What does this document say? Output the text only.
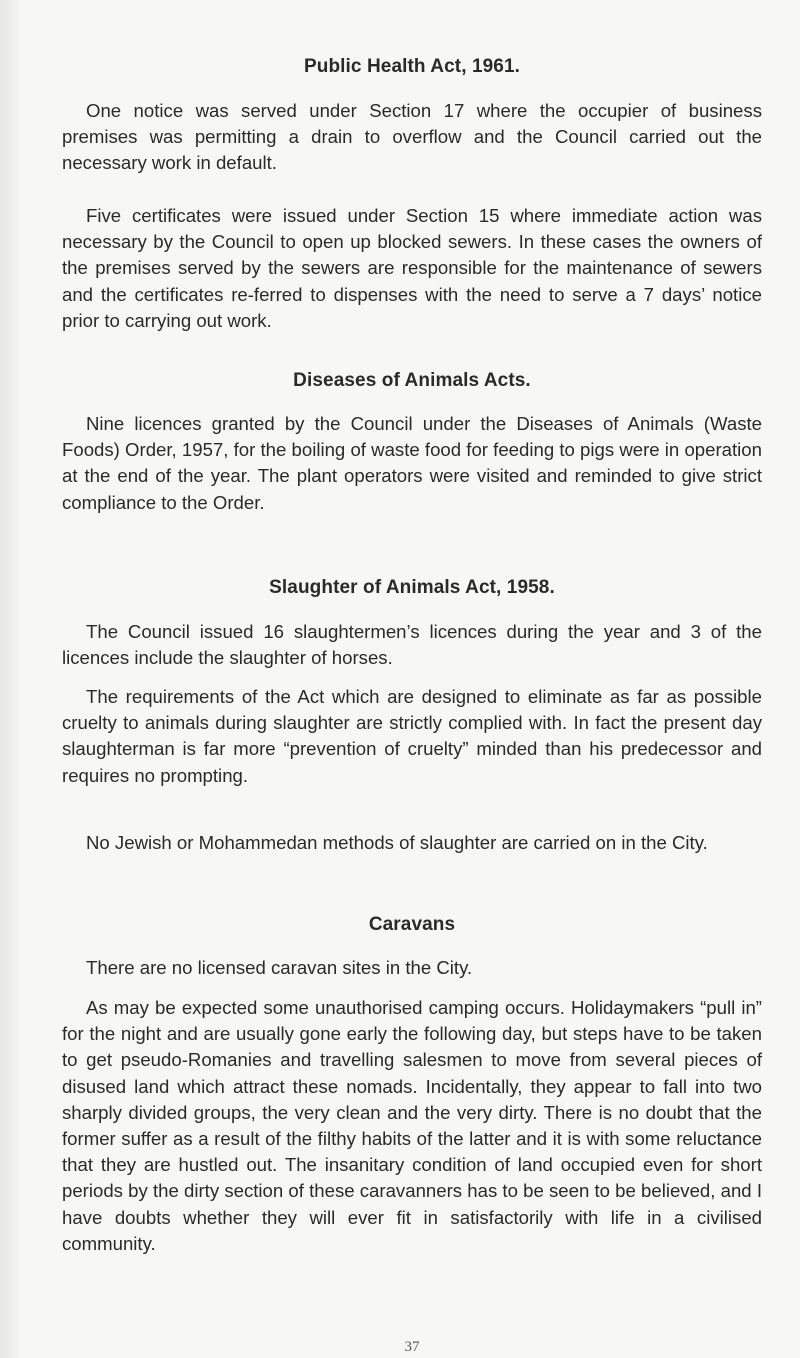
Public Health Act, 1961.

One notice was served under Section 17 where the occupier of business premises was permitting a drain to overflow and the Council carried out the necessary work in default.

Five certificates were issued under Section 15 where immediate action was necessary by the Council to open up blocked sewers. In these cases the owners of the premises served by the sewers are responsible for the maintenance of sewers and the certificates re-ferred to dispenses with the need to serve a 7 days’ notice prior to carrying out work.

Diseases of Animals Acts.

Nine licences granted by the Council under the Diseases of Animals (Waste Foods) Order, 1957, for the boiling of waste food for feeding to pigs were in operation at the end of the year. The plant operators were visited and reminded to give strict compliance to the Order.

Slaughter of Animals Act, 1958.

The Council issued 16 slaughtermen’s licences during the year and 3 of the licences include the slaughter of horses.

The requirements of the Act which are designed to eliminate as far as possible cruelty to animals during slaughter are strictly complied with. In fact the present day slaughterman is far more “prevention of cruelty” minded than his predecessor and requires no prompting.

No Jewish or Mohammedan methods of slaughter are carried on in the City.

Caravans

There are no licensed caravan sites in the City.

As may be expected some unauthorised camping occurs. Holidaymakers “pull in” for the night and are usually gone early the following day, but steps have to be taken to get pseudo-Romanies and travelling salesmen to move from several pieces of disused land which attract these nomads. Incidentally, they appear to fall into two sharply divided groups, the very clean and the very dirty. There is no doubt that the former suffer as a result of the filthy habits of the latter and it is with some reluctance that they are hustled out. The insanitary condition of land occupied even for short periods by the dirty section of these caravanners has to be seen to be believed, and I have doubts whether they will ever fit in satisfactorily with life in a civilised community.

37
